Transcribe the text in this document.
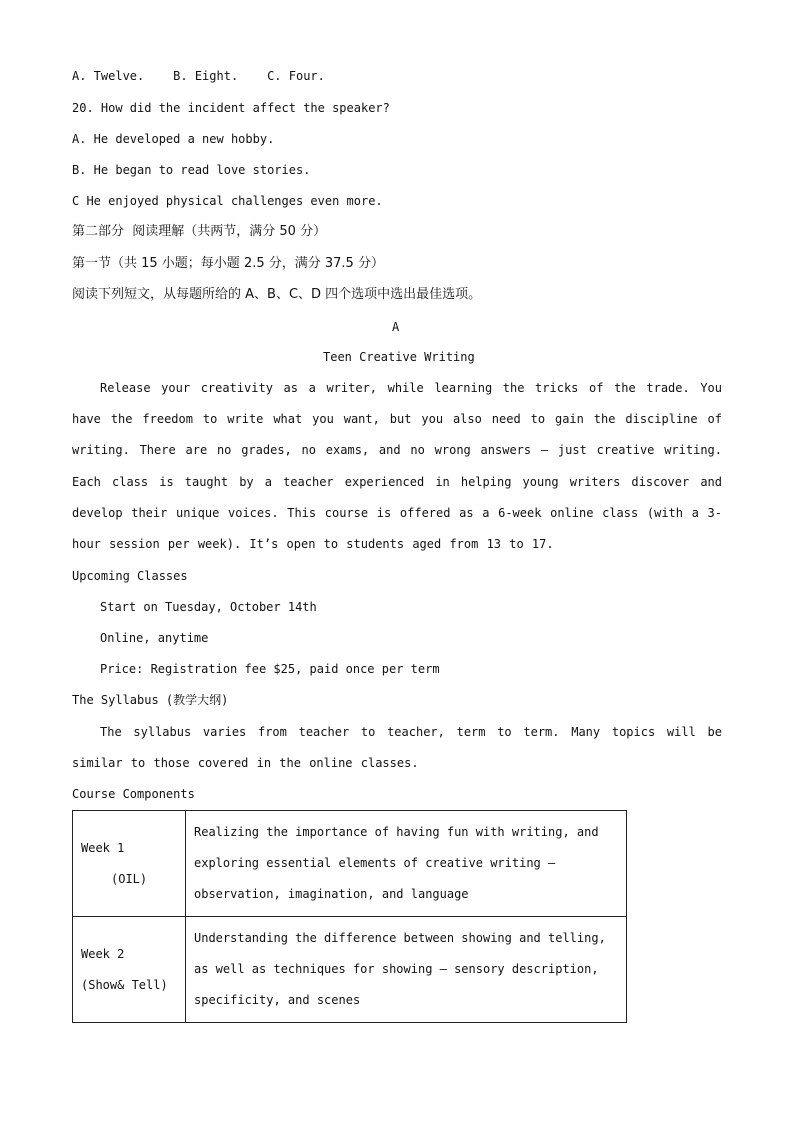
A. Twelve.    B. Eight.    C. Four.
20. How did the incident affect the speaker?
A. He developed a new hobby.
B. He began to read love stories.
C He enjoyed physical challenges even more.
第二部分  阅读理解（共两节，满分 50 分）
第一节（共 15 小题；每小题 2.5 分，满分 37.5 分）
阅读下列短文，从每题所给的 A、B、C、D 四个选项中选出最佳选项。
A
Teen Creative Writing
Release your creativity as a writer, while learning the tricks of the trade. You have the freedom to write what you want, but you also need to gain the discipline of writing. There are no grades, no exams, and no wrong answers — just creative writing. Each class is taught by a teacher experienced in helping young writers discover and develop their unique voices. This course is offered as a 6-week online class (with a 3-hour session per week). It’s open to students aged from 13 to 17.
Upcoming Classes
Start on Tuesday, October 14th
Online, anytime
Price: Registration fee $25, paid once per term
The Syllabus (教学大纲)
The syllabus varies from teacher to teacher, term to term. Many topics will be similar to those covered in the online classes.
Course Components
Week 1
(OIL)	Realizing the importance of having fun with writing, and exploring essential elements of creative writing — observation, imagination, and language
Week 2
(Show& Tell)	Understanding the difference between showing and telling, as well as techniques for showing — sensory description, specificity, and scenes
